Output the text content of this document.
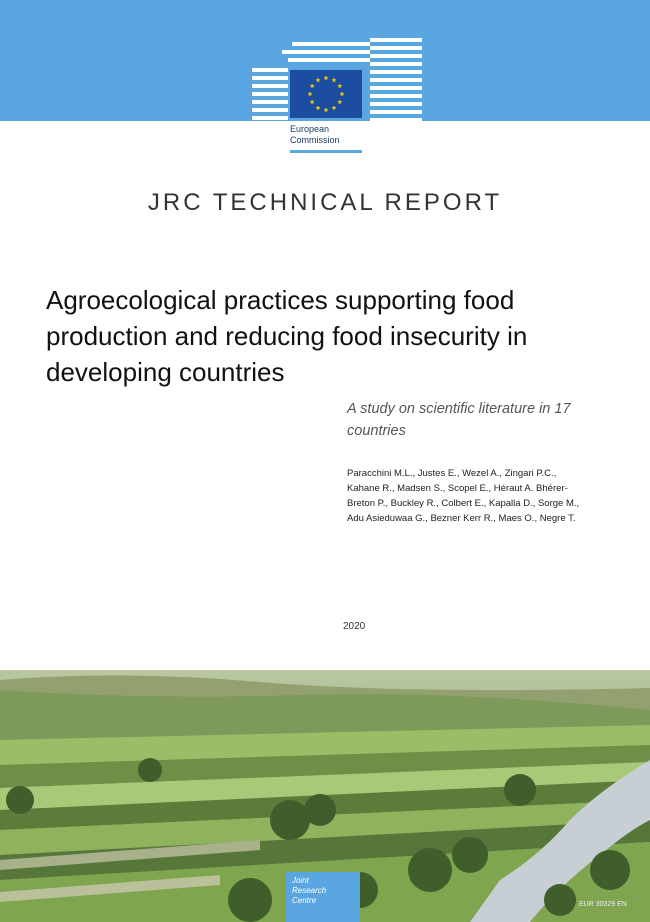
European
Commission
JRC TECHNICAL REPORT
Agroecological practices supporting food production and reducing food insecurity in developing countries
A study on scientific literature in 17 countries
Paracchini M.L., Justes E., Wezel A., Zingari P.C., Kahane R., Madsen S., Scopel E., Héraut A. Bhérer-Breton P., Buckley R., Colbert E., Kapalla D., Sorge M., Adu Asieduwaa G., Bezner Kerr R., Maes O., Negre T.
2020
Joint
Research
Centre	EUR 30329 EN
